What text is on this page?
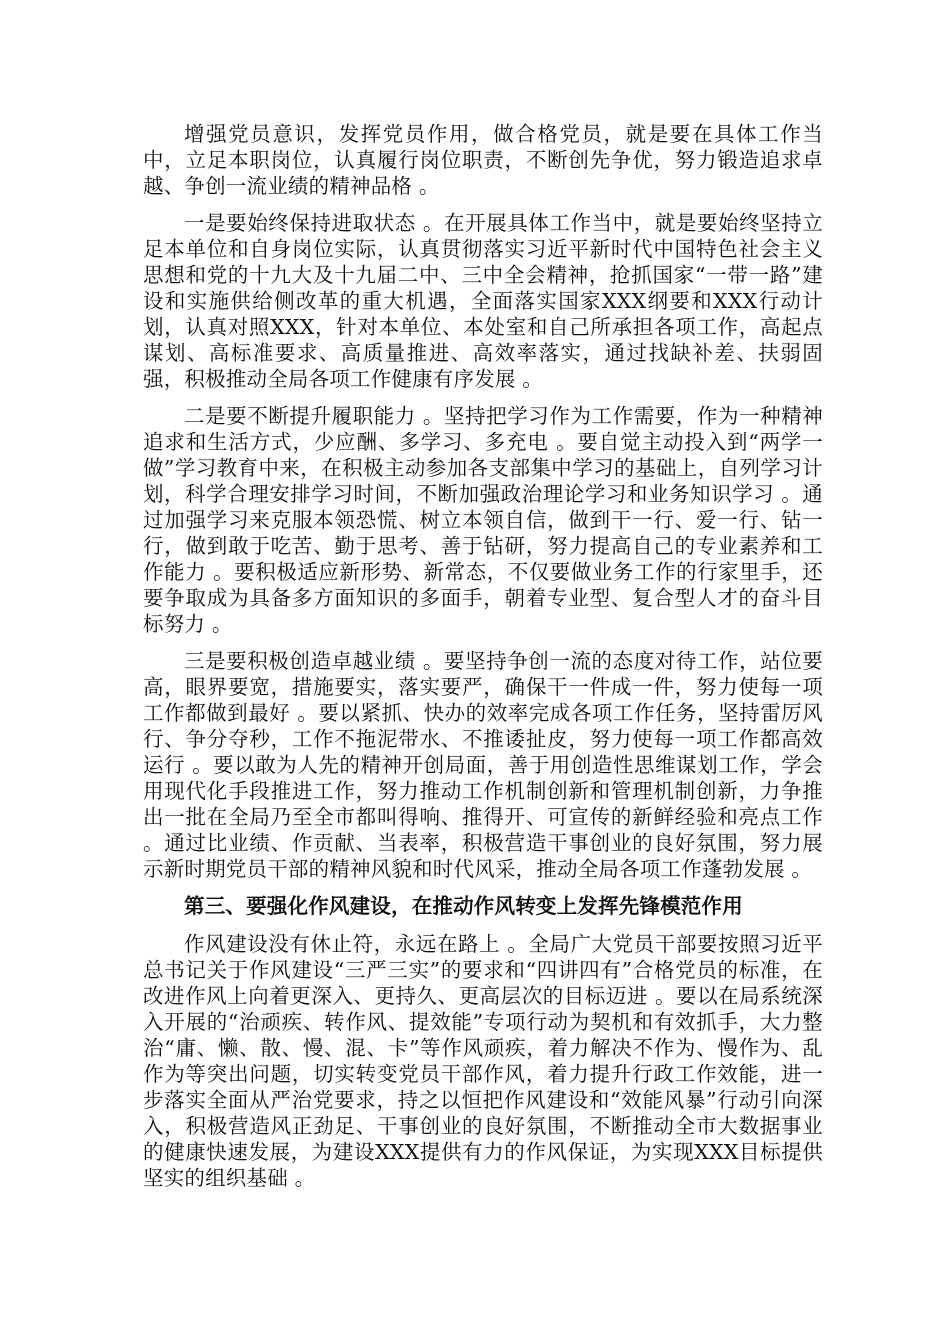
增强党员意识，发挥党员作用，做合格党员，就是要在具体工作当中，立足本职岗位，认真履行岗位职责，不断创先争优，努力锻造追求卓越、争创一流业绩的精神品格 。

一是要始终保持进取状态 。在开展具体工作当中，就是要始终坚持立足本单位和自身岗位实际，认真贯彻落实习近平新时代中国特色社会主义思想和党的十九大及十九届二中、三中全会精神，抢抓国家“一带一路”建设和实施供给侧改革的重大机遇，全面落实国家XXX纲要和XXX行动计划，认真对照XXX，针对本单位、本处室和自己所承担各项工作，高起点谋划、高标准要求、高质量推进、高效率落实，通过找缺补差、扶弱固强，积极推动全局各项工作健康有序发展 。

二是要不断提升履职能力 。坚持把学习作为工作需要，作为一种精神追求和生活方式，少应酬、多学习、多充电 。要自觉主动投入到“两学一做”学习教育中来，在积极主动参加各支部集中学习的基础上，自列学习计划，科学合理安排学习时间，不断加强政治理论学习和业务知识学习 。通过加强学习来克服本领恐慌、树立本领自信，做到干一行、爱一行、钻一行，做到敢于吃苦、勤于思考、善于钻研，努力提高自己的专业素养和工作能力 。要积极适应新形势、新常态，不仅要做业务工作的行家里手，还要争取成为具备多方面知识的多面手，朝着专业型、复合型人才的奋斗目标努力 。

三是要积极创造卓越业绩 。要坚持争创一流的态度对待工作，站位要高，眼界要宽，措施要实，落实要严，确保干一件成一件，努力使每一项工作都做到最好 。要以紧抓、快办的效率完成各项工作任务，坚持雷厉风行、争分夺秒，工作不拖泥带水、不推诿扯皮，努力使每一项工作都高效运行 。要以敢为人先的精神开创局面，善于用创造性思维谋划工作，学会用现代化手段推进工作，努力推动工作机制创新和管理机制创新，力争推出一批在全局乃至全市都叫得响、推得开、可宣传的新鲜经验和亮点工作 。通过比业绩、作贡献、当表率，积极营造干事创业的良好氛围，努力展示新时期党员干部的精神风貌和时代风采，推动全局各项工作蓬勃发展 。

第三、要强化作风建设，在推动作风转变上发挥先锋模范作用

作风建设没有休止符，永远在路上 。全局广大党员干部要按照习近平总书记关于作风建设“三严三实”的要求和“四讲四有”合格党员的标准，在改进作风上向着更深入、更持久、更高层次的目标迈进 。要以在局系统深入开展的“治顽疾、转作风、提效能”专项行动为契机和有效抓手，大力整治“庸、懒、散、慢、混、卡”等作风顽疾，着力解决不作为、慢作为、乱作为等突出问题，切实转变党员干部作风，着力提升行政工作效能，进一步落实全面从严治党要求，持之以恒把作风建设和“效能风暴”行动引向深入，积极营造风正劲足、干事创业的良好氛围，不断推动全市大数据事业的健康快速发展，为建设XXX提供有力的作风保证，为实现XXX目标提供坚实的组织基础 。
